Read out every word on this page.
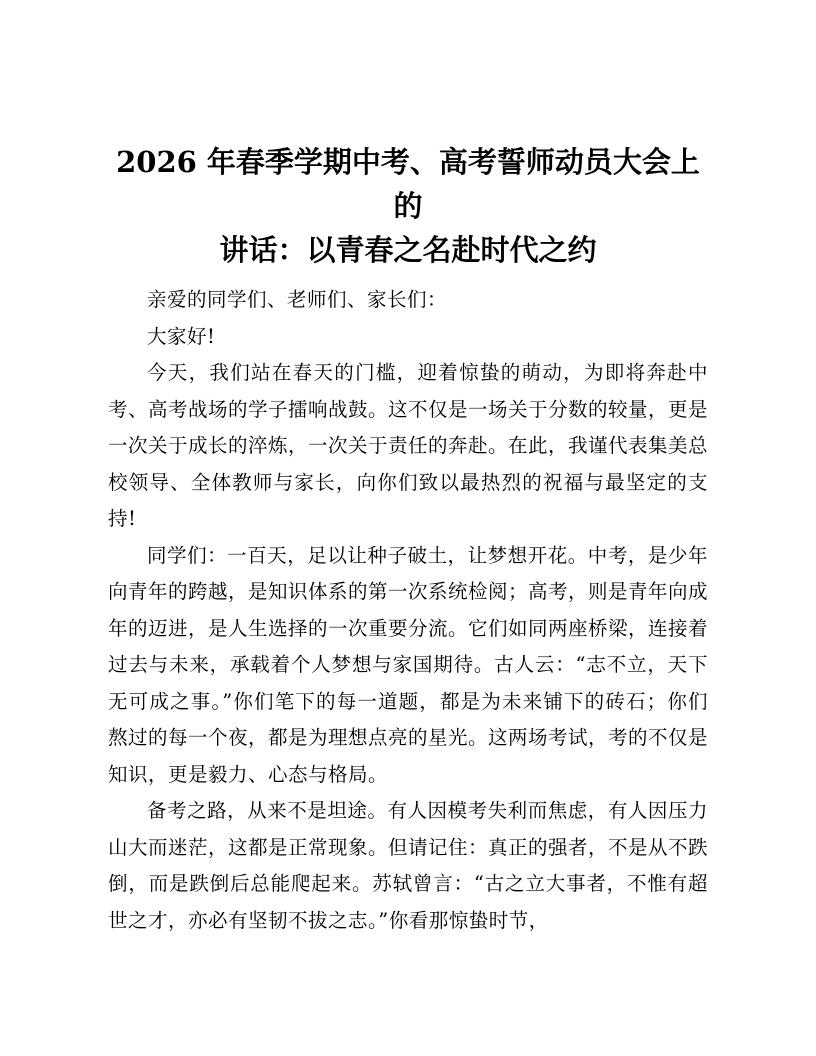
2026 年春季学期中考、高考誓师动员大会上的
讲话：以青春之名赴时代之约

亲爱的同学们、老师们、家长们：

大家好!

今天，我们站在春天的门槛，迎着惊蛰的萌动，为即将奔赴中考、高考战场的学子擂响战鼓。这不仅是一场关于分数的较量，更是一次关于成长的淬炼，一次关于责任的奔赴。在此，我谨代表集美总校领导、全体教师与家长，向你们致以最热烈的祝福与最坚定的支持!

同学们：一百天，足以让种子破土，让梦想开花。中考，是少年向青年的跨越，是知识体系的第一次系统检阅；高考，则是青年向成年的迈进，是人生选择的一次重要分流。它们如同两座桥梁，连接着过去与未来，承载着个人梦想与家国期待。古人云：“志不立，天下无可成之事。”你们笔下的每一道题，都是为未来铺下的砖石；你们熬过的每一个夜，都是为理想点亮的星光。这两场考试，考的不仅是知识，更是毅力、心态与格局。

备考之路，从来不是坦途。有人因模考失利而焦虑，有人因压力山大而迷茫，这都是正常现象。但请记住：真正的强者，不是从不跌倒，而是跌倒后总能爬起来。苏轼曾言：“古之立大事者，不惟有超世之才，亦必有坚韧不拔之志。”你看那惊蛰时节，
